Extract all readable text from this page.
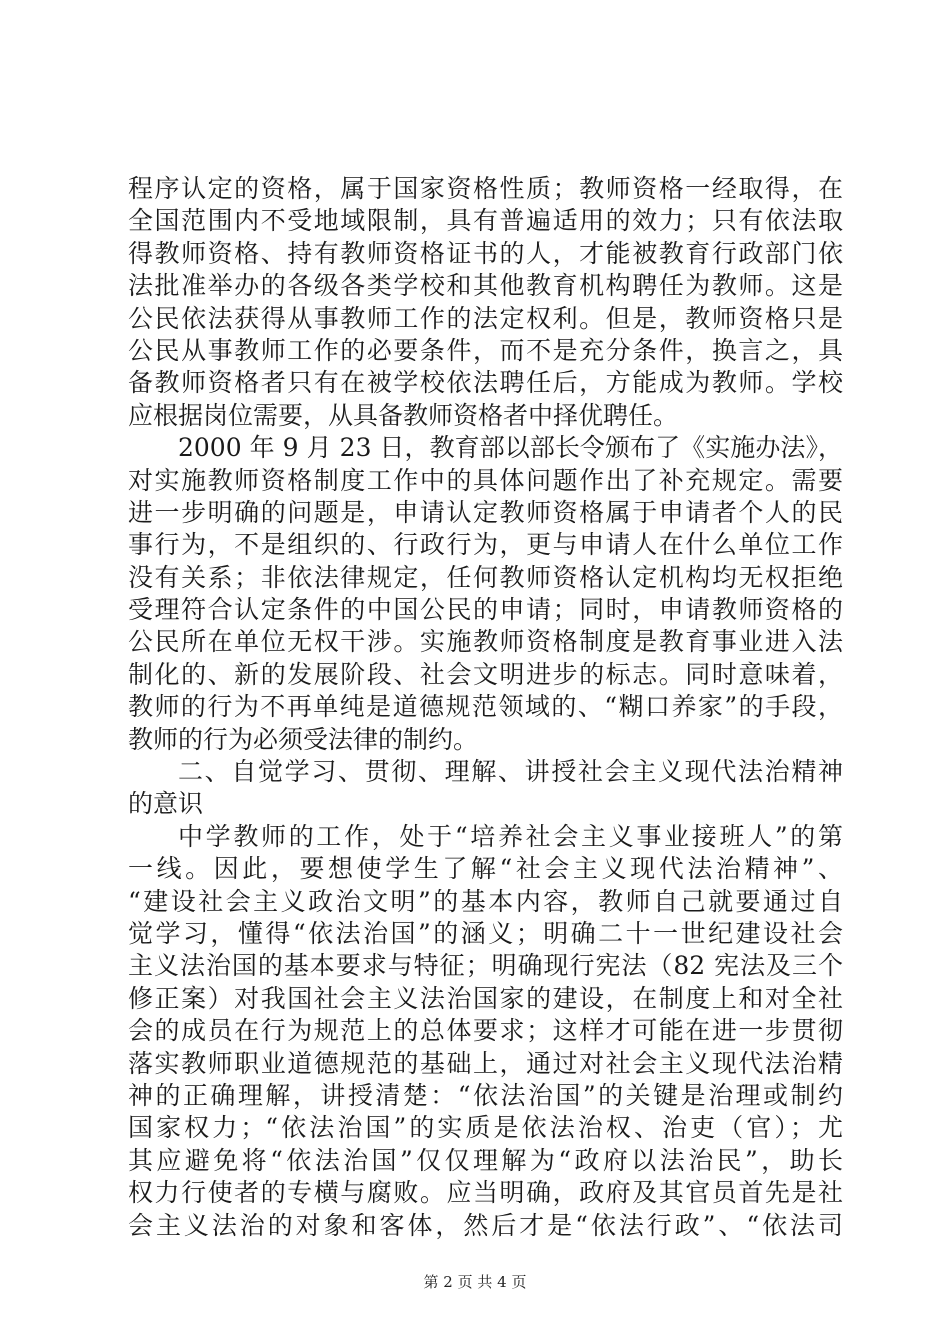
程序认定的资格，属于国家资格性质；教师资格一经取得，在
全国范围内不受地域限制，具有普遍适用的效力；只有依法取
得教师资格、持有教师资格证书的人，才能被教育行政部门依
法批准举办的各级各类学校和其他教育机构聘任为教师。这是
公民依法获得从事教师工作的法定权利。但是，教师资格只是
公民从事教师工作的必要条件，而不是充分条件，换言之，具
备教师资格者只有在被学校依法聘任后，方能成为教师。学校
应根据岗位需要，从具备教师资格者中择优聘任。
2000 年 9 月 23 日，教育部以部长令颁布了《实施办法》，
对实施教师资格制度工作中的具体问题作出了补充规定。需要
进一步明确的问题是，申请认定教师资格属于申请者个人的民
事行为，不是组织的、行政行为，更与申请人在什么单位工作
没有关系；非依法律规定，任何教师资格认定机构均无权拒绝
受理符合认定条件的中国公民的申请；同时，申请教师资格的
公民所在单位无权干涉。实施教师资格制度是教育事业进入法
制化的、新的发展阶段、社会文明进步的标志。同时意味着，
教师的行为不再单纯是道德规范领域的、“糊口养家”的手段，
教师的行为必须受法律的制约。
二、自觉学习、贯彻、理解、讲授社会主义现代法治精神
的意识
中学教师的工作，处于“培养社会主义事业接班人”的第
一线。因此，要想使学生了解“社会主义现代法治精神”、
“建设社会主义政治文明”的基本内容，教师自己就要通过自
觉学习，懂得“依法治国”的涵义；明确二十一世纪建设社会
主义法治国的基本要求与特征；明确现行宪法（82 宪法及三个
修正案）对我国社会主义法治国家的建设，在制度上和对全社
会的成员在行为规范上的总体要求；这样才可能在进一步贯彻
落实教师职业道德规范的基础上，通过对社会主义现代法治精
神的正确理解，讲授清楚：“依法治国”的关键是治理或制约
国家权力；“依法治国”的实质是依法治权、治吏（官）；尤
其应避免将“依法治国”仅仅理解为“政府以法治民”，助长
权力行使者的专横与腐败。应当明确，政府及其官员首先是社
会主义法治的对象和客体，然后才是“依法行政”、“依法司
第 2 页 共 4 页
